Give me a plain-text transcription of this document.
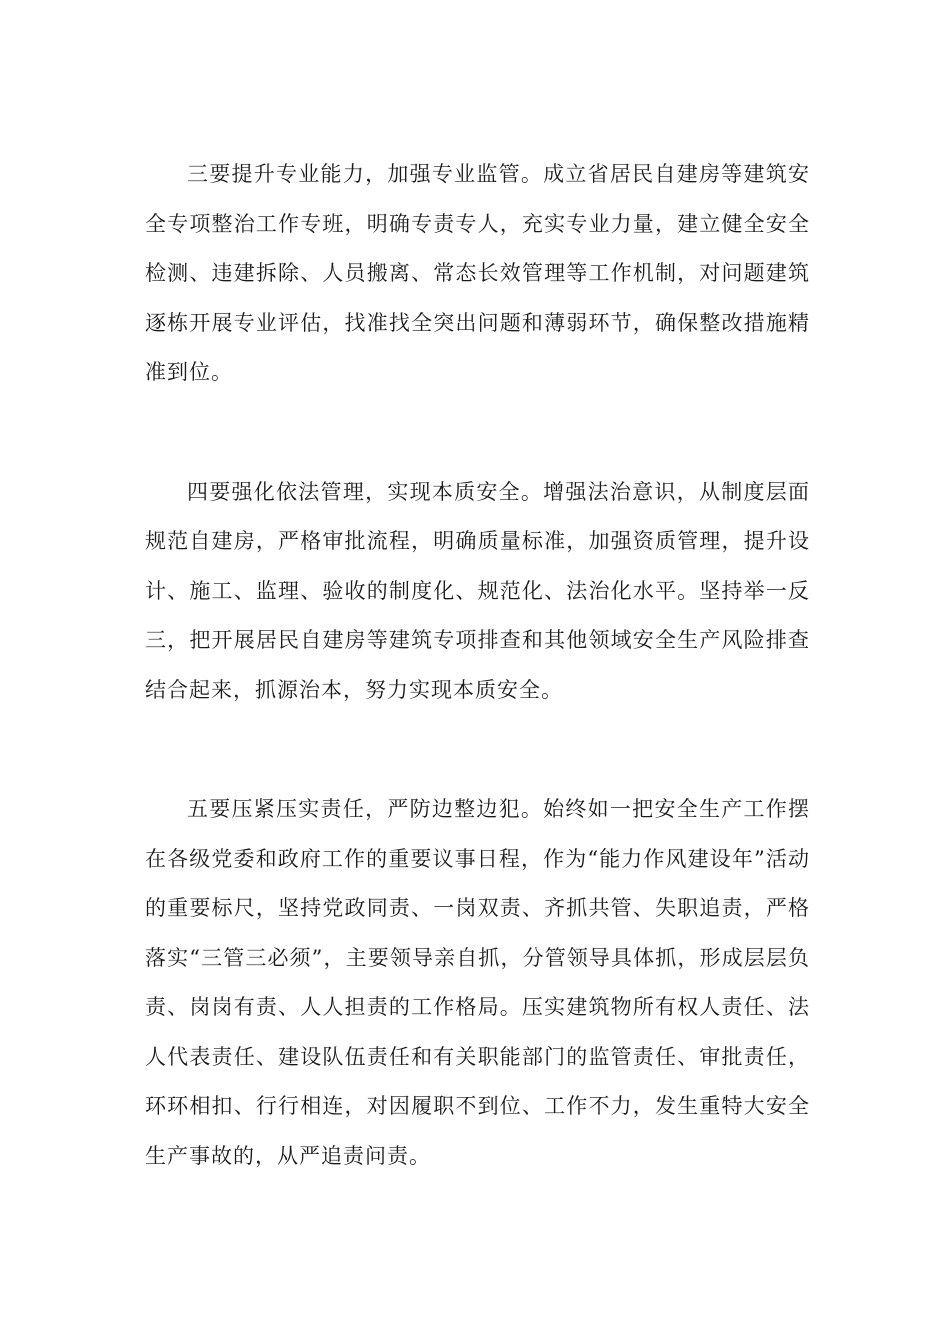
三要提升专业能力，加强专业监管。成立省居民自建房等建筑安全专项整治工作专班，明确专责专人，充实专业力量，建立健全安全检测、违建拆除、人员搬离、常态长效管理等工作机制，对问题建筑逐栋开展专业评估，找准找全突出问题和薄弱环节，确保整改措施精准到位。

四要强化依法管理，实现本质安全。增强法治意识，从制度层面规范自建房，严格审批流程，明确质量标准，加强资质管理，提升设计、施工、监理、验收的制度化、规范化、法治化水平。坚持举一反三，把开展居民自建房等建筑专项排查和其他领域安全生产风险排查结合起来，抓源治本，努力实现本质安全。

五要压紧压实责任，严防边整边犯。始终如一把安全生产工作摆在各级党委和政府工作的重要议事日程，作为“能力作风建设年”活动的重要标尺，坚持党政同责、一岗双责、齐抓共管、失职追责，严格落实“三管三必须”，主要领导亲自抓，分管领导具体抓，形成层层负责、岗岗有责、人人担责的工作格局。压实建筑物所有权人责任、法人代表责任、建设队伍责任和有关职能部门的监管责任、审批责任，环环相扣、行行相连，对因履职不到位、工作不力，发生重特大安全生产事故的，从严追责问责。
